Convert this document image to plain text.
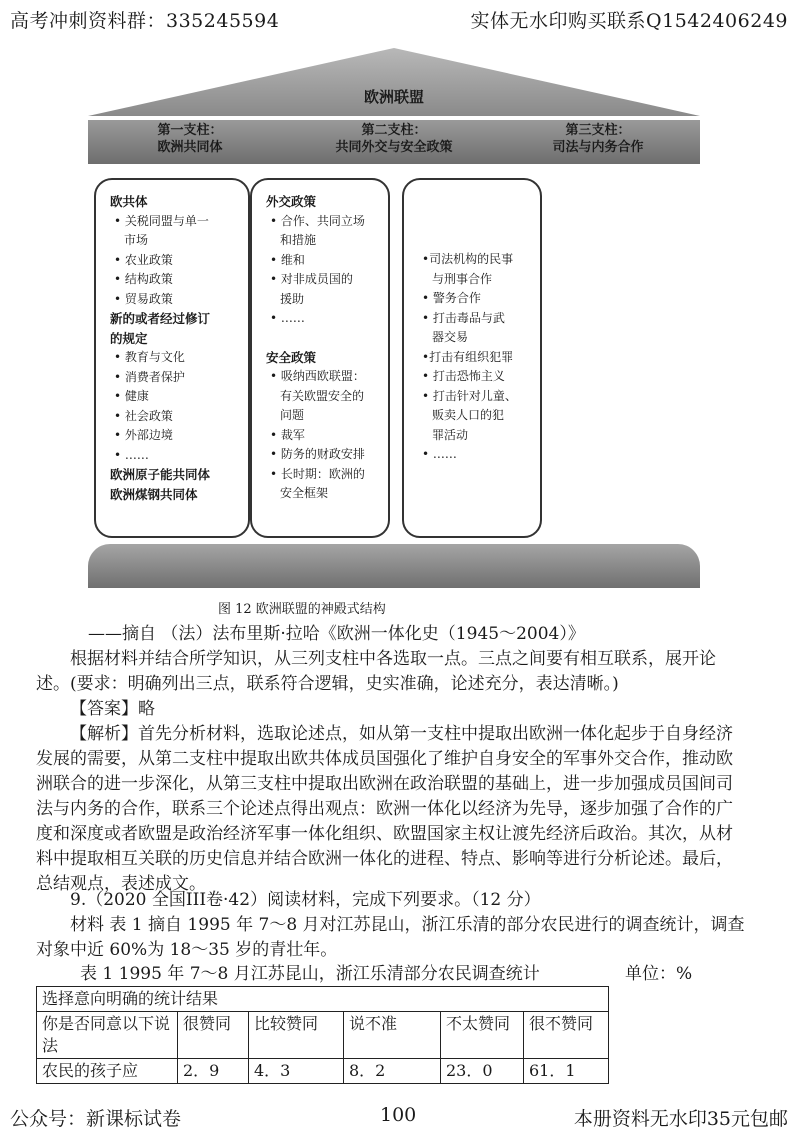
高考冲刺资料群：335245594	实体无水印购买联系Q1542406249
欧洲联盟
第一支柱：
欧洲共同体
第二支柱：
共同外交与安全政策
第三支柱：
司法与内务合作
欧共体
• 关税同盟与单一
市场
• 农业政策
• 结构政策
• 贸易政策
新的或者经过修订
的规定
• 教育与文化
• 消费者保护
• 健康
• 社会政策
• 外部边境
• ……
欧洲原子能共同体
欧洲煤钢共同体
外交政策
• 合作、共同立场
和措施
• 维和
• 对非成员国的
援助
• ……
安全政策
• 吸纳西欧联盟：
有关欧盟安全的
问题
• 裁军
• 防务的财政安排
• 长时期：欧洲的
安全框架
•司法机构的民事
与刑事合作
• 警务合作
• 打击毒品与武
器交易
•打击有组织犯罪
• 打击恐怖主义
• 打击针对儿童、
贩卖人口的犯
罪活动
• ……
图 12 欧洲联盟的神殿式结构
——摘自 （法）法布里斯·拉哈《欧洲一体化史（1945～2004）》
根据材料并结合所学知识，从三列支柱中各选取一点。三点之间要有相互联系，展开论 述。(要求：明确列出三点，联系符合逻辑，史实准确，论述充分，表达清晰。)
【答案】略
【解析】首先分析材料，选取论述点，如从第一支柱中提取出欧洲一体化起步于自身经济发展的需要，从第二支柱中提取出欧共体成员国强化了维护自身安全的军事外交合作，推动欧洲联合的进一步深化，从第三支柱中提取出欧洲在政治联盟的基础上，进一步加强成员国间司法与内务的合作，联系三个论述点得出观点：欧洲一体化以经济为先导，逐步加强了合作的广度和深度或者欧盟是政治经济军事一体化组织、欧盟国家主权让渡先经济后政治。其次，从材料中提取相互关联的历史信息并结合欧洲一体化的进程、特点、影响等进行分析论述。最后，总结观点，表述成文。
9.（2020 全国III卷·42）阅读材料，完成下列要求。（12 分）
材料 表 1 摘自 1995 年 7～8 月对江苏昆山，浙江乐清的部分农民进行的调查统计，调查对象中近 60%为 18～35 岁的青壮年。
表 1 1995 年 7～8 月江苏昆山，浙江乐清部分农民调查统计	单位：%
选择意向明确的统计结果					
你是否同意以下说法	很赞同	比较赞同	说不准	不太赞同	很不赞同
农民的孩子应	2．9	4．3	8．2	23．0	61．1
公众号：新课标试卷	100	本册资料无水印35元包邮
